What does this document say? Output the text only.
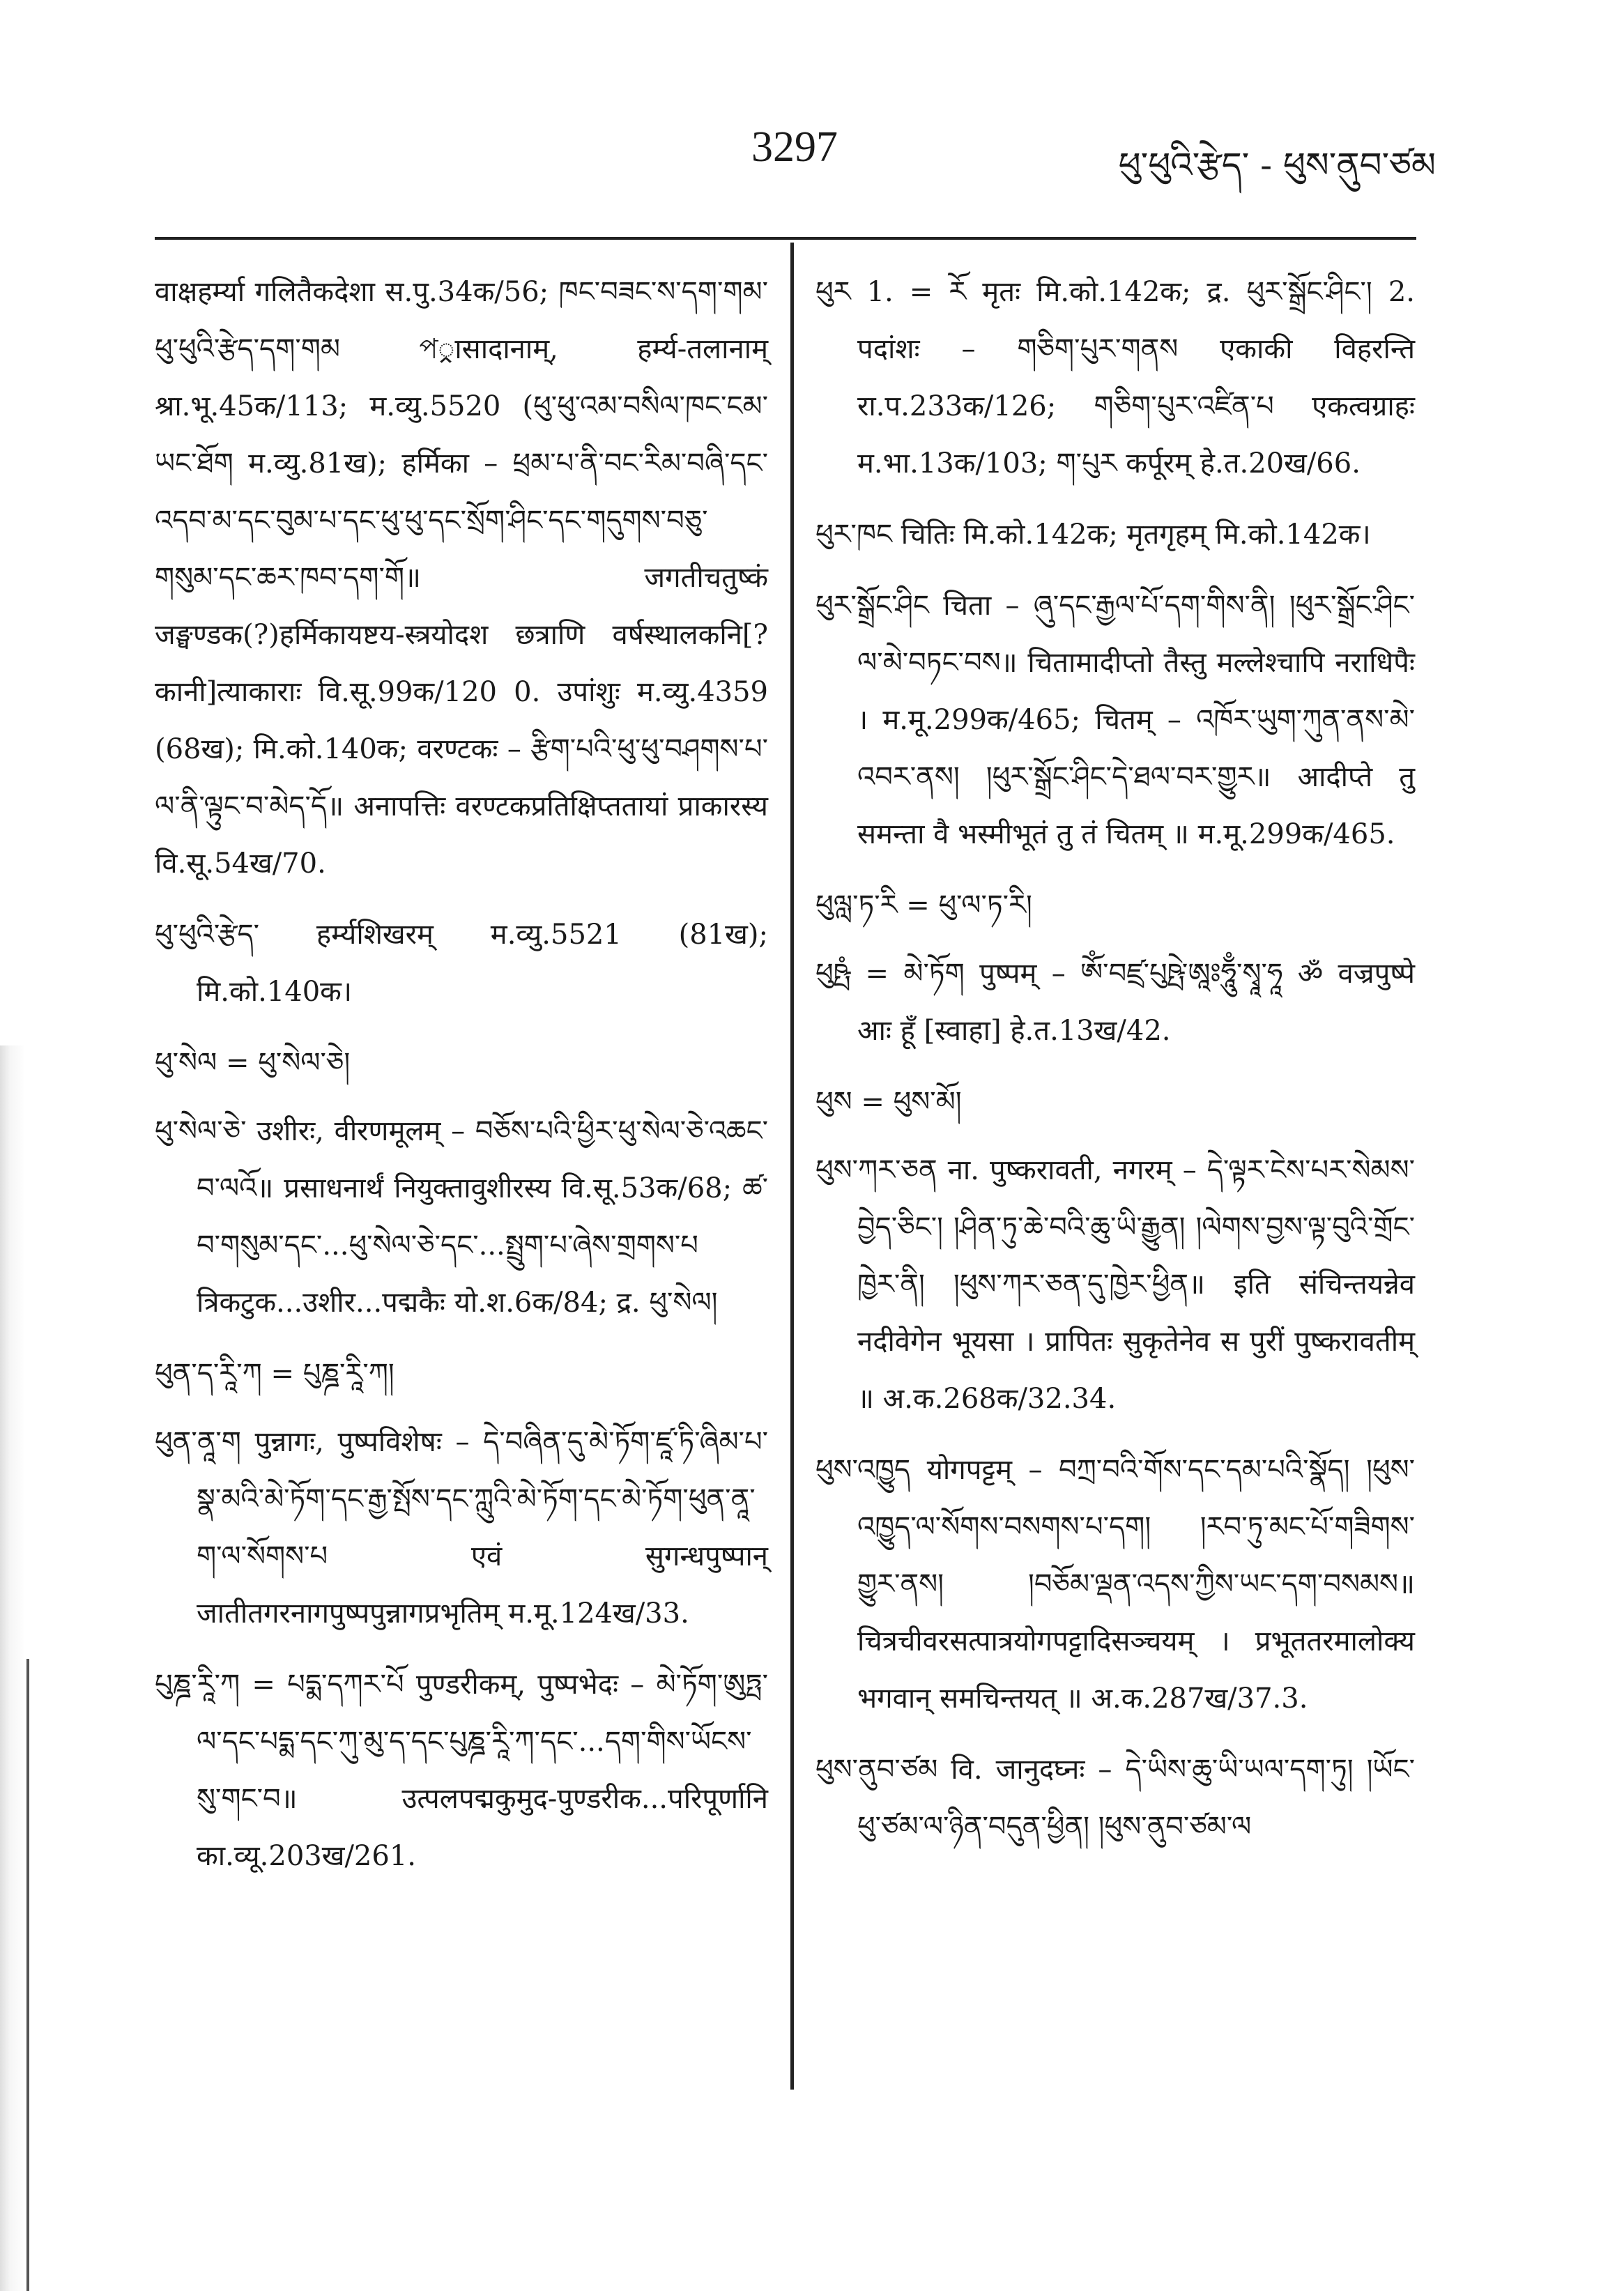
3297	ཕུ་ཕུའི་རྩེད་ - ཕུས་ནུབ་ཙམ

वाक्षहर्म्या गलितैकदेशा स.पु.34क/56; ཁང་བཟང་ས་དག་གམ་ཕུ་ཕུའི་རྩེད་དག་གམ প्रासादानाम्, हर्म्य-तलानाम् श्रा.भू.45क/113; म.व्यु.5520 (ཕུ་ཕུ་འམ་བསིལ་ཁང་ངམ་ཡང་ཐོག म.व्यु.81ख); हर्मिका – ཕྲམ་པ་ནི་བང་རིམ་བཞི་དང་འདབ་མ་དང་བུམ་པ་དང་ཕུ་ཕུ་དང་སྲོག་ཤིང་དང་གདུགས་བཅུ་གསུམ་དང་ཆར་ཁབ་དག་གོ॥ जगतीचतुष्कं जङ्घण्डक(?)हर्मिकायष्टय-स्त्रयोदश छत्राणि वर्षस्थालकनि[?कानी]त्याकाराः वि.सू.99क/120 0. उपांशुः म.व्यु.4359 (68ख); मि.को.140क; वरण्टकः – རྩིག་པའི་ཕུ་ཕུ་བཤགས་པ་ལ་ནི་ལྟུང་བ་མེད་དོ॥ अनापत्तिः वरण्टकप्रतिक्षिप्ततायां प्राकारस्य वि.सू.54ख/70.

ཕུ་ཕུའི་རྩེད་ हर्म्यशिखरम् म.व्यु.5521 (81ख); मि.को.140क।

ཕུ་སེལ = ཕུ་སེལ་ཅེ།

ཕུ་སེལ་ཅེ་ उशीरः, वीरणमूलम् – བཅོས་པའི་ཕྱིར་ཕུ་སེལ་ཅེ་འཆང་བ་ལའོ॥ प्रसाधनार्थं नियुक्तावुशीरस्य वि.सू.53क/68; ཚ་བ་གསུམ་དང་...ཕུ་སེལ་ཅེ་དང་...སྤྲུག་པ་ཞེས་གྲགས་པ त्रिकटुक...उशीर...पद्मकैः यो.श.6क/84; द्र. ཕུ་སེལ།

ཕུན་ད་རཱི་ཀ = པུཎྜ་རཱི་ཀ།

ཕུན་ནཱ་ག पुन्नागः, पुष्पविशेषः – དེ་བཞིན་དུ་མེ་ཏོག་ཛཱ་ཏི་ཞིམ་པ་སྣ་མའི་མེ་ཏོག་དང་རྒྱ་སྤོས་དང་ཀླུའི་མེ་ཏོག་དང་མེ་ཏོག་ཕུན་ནཱ་ག་ལ་སོགས་པ एवं सुगन्धपुष्पान् जातीतगरनागपुष्पपुन्नागप्रभृतिम् म.मू.124ख/33.

པུཎྜ་རཱི་ཀ = པདྨ་དཀར་པོ पुण्डरीकम्, पुष्पभेदः – མེ་ཏོག་ཨུཏྤ་ལ་དང་པདྨ་དང་ཀུ་མུ་ད་དང་པུཎྜ་རཱི་ཀ་དང་...དག་གིས་ཡོངས་སུ་གང་བ॥ उत्पलपद्मकुमुद-पुण्डरीक...परिपूर्णानि का.व्यू.203ख/261.

ཕུར 1. = རོ मृतः मि.को.142क; द्र. ཕུར་སྒྲོང་ཤིང་། 2. पदांशः – གཅིག་པུར་གནས एकाकी विहरन्ति रा.प.233क/126; གཅིག་པུར་འཛིན་པ एकत्वग्राहः म.भा.13क/103; ག་པུར कर्पूरम् हे.त.20ख/66.

ཕུར་ཁང चितिः मि.को.142क; मृतगृहम् मि.को.142क।

ཕུར་སྒྲོང་ཤིང चिता – ཞུ་དང་རྒྱལ་པོ་དག་གིས་ནི། །ཕུར་སྒྲོང་ཤིང་ལ་མེ་བཏང་བས॥ चितामादीप्तो तैस्तु मल्लेश्चापि नराधिपैः । म.मू.299क/465; चितम् – འཁོར་ཡུག་ཀུན་ནས་མེ་འབར་ནས། །ཕུར་སྒྲོང་ཤིང་དེ་ཐལ་བར་གྱུར॥ आदीप्ते तु समन्ता वै भस्मीभूतं तु तं चितम् ॥ म.मू.299क/465.

ཕུལླ་ཏ་རི = ཕུ་ལ་ཏ་རི།

ཕུཥྤཾ = མེ་ཏོག पुष्पम् – ཨོཾ་བཛྲ་པུཥྤེ་ཨཱཿཧཱུྃ་སྭཱ་ཧཱ ॐ वज्रपुष्पे आः हूँ [स्वाहा] हे.त.13ख/42.

ཕུས = ཕུས་མོ།

ཕུས་ཀར་ཅན ना. पुष्करावती, नगरम् – དེ་ལྟར་ངེས་པར་སེམས་བྱེད་ཅིང་། །ཤིན་ཏུ་ཆེ་བའི་ཆུ་ཡི་རྒྱུན། །ལེགས་བྱས་ལྟ་བུའི་གྲོང་ཁྱེར་ནི། །ཕུས་ཀར་ཅན་དུ་ཁྱེར་ཕྱིན॥ इति संचिन्तयन्नेव नदीवेगेन भूयसा । प्रापितः सुकृतेनेव स पुरीं पुष्करावतीम् ॥ अ.क.268क/32.34.

ཕུས་འཁྱུད योगपट्टम् – བཀྲ་བའི་གོས་དང་དམ་པའི་སྣོད། །ཕུས་འཁྱུད་ལ་སོགས་བསགས་པ་དག། །རབ་ཏུ་མང་པོ་གཟིགས་གྱུར་ནས། །བཅོམ་ལྡན་འདས་ཀྱིས་ཡང་དག་བསམས॥ चित्रचीवरसत्पात्रयोगपट्टादिसञ्चयम् । प्रभूततरमालोक्य भगवान् समचिन्तयत् ॥ अ.क.287ख/37.3.

ཕུས་ནུབ་ཙམ वि. जानुदघ्नः – དེ་ཡིས་ཆུ་ཡི་ཡལ་དག་ཏུ། །ཡོང་ཕུ་ཙམ་ལ་ཉིན་བདུན་ཕྱིན། །ཕུས་ནུབ་ཙམ་ལ
